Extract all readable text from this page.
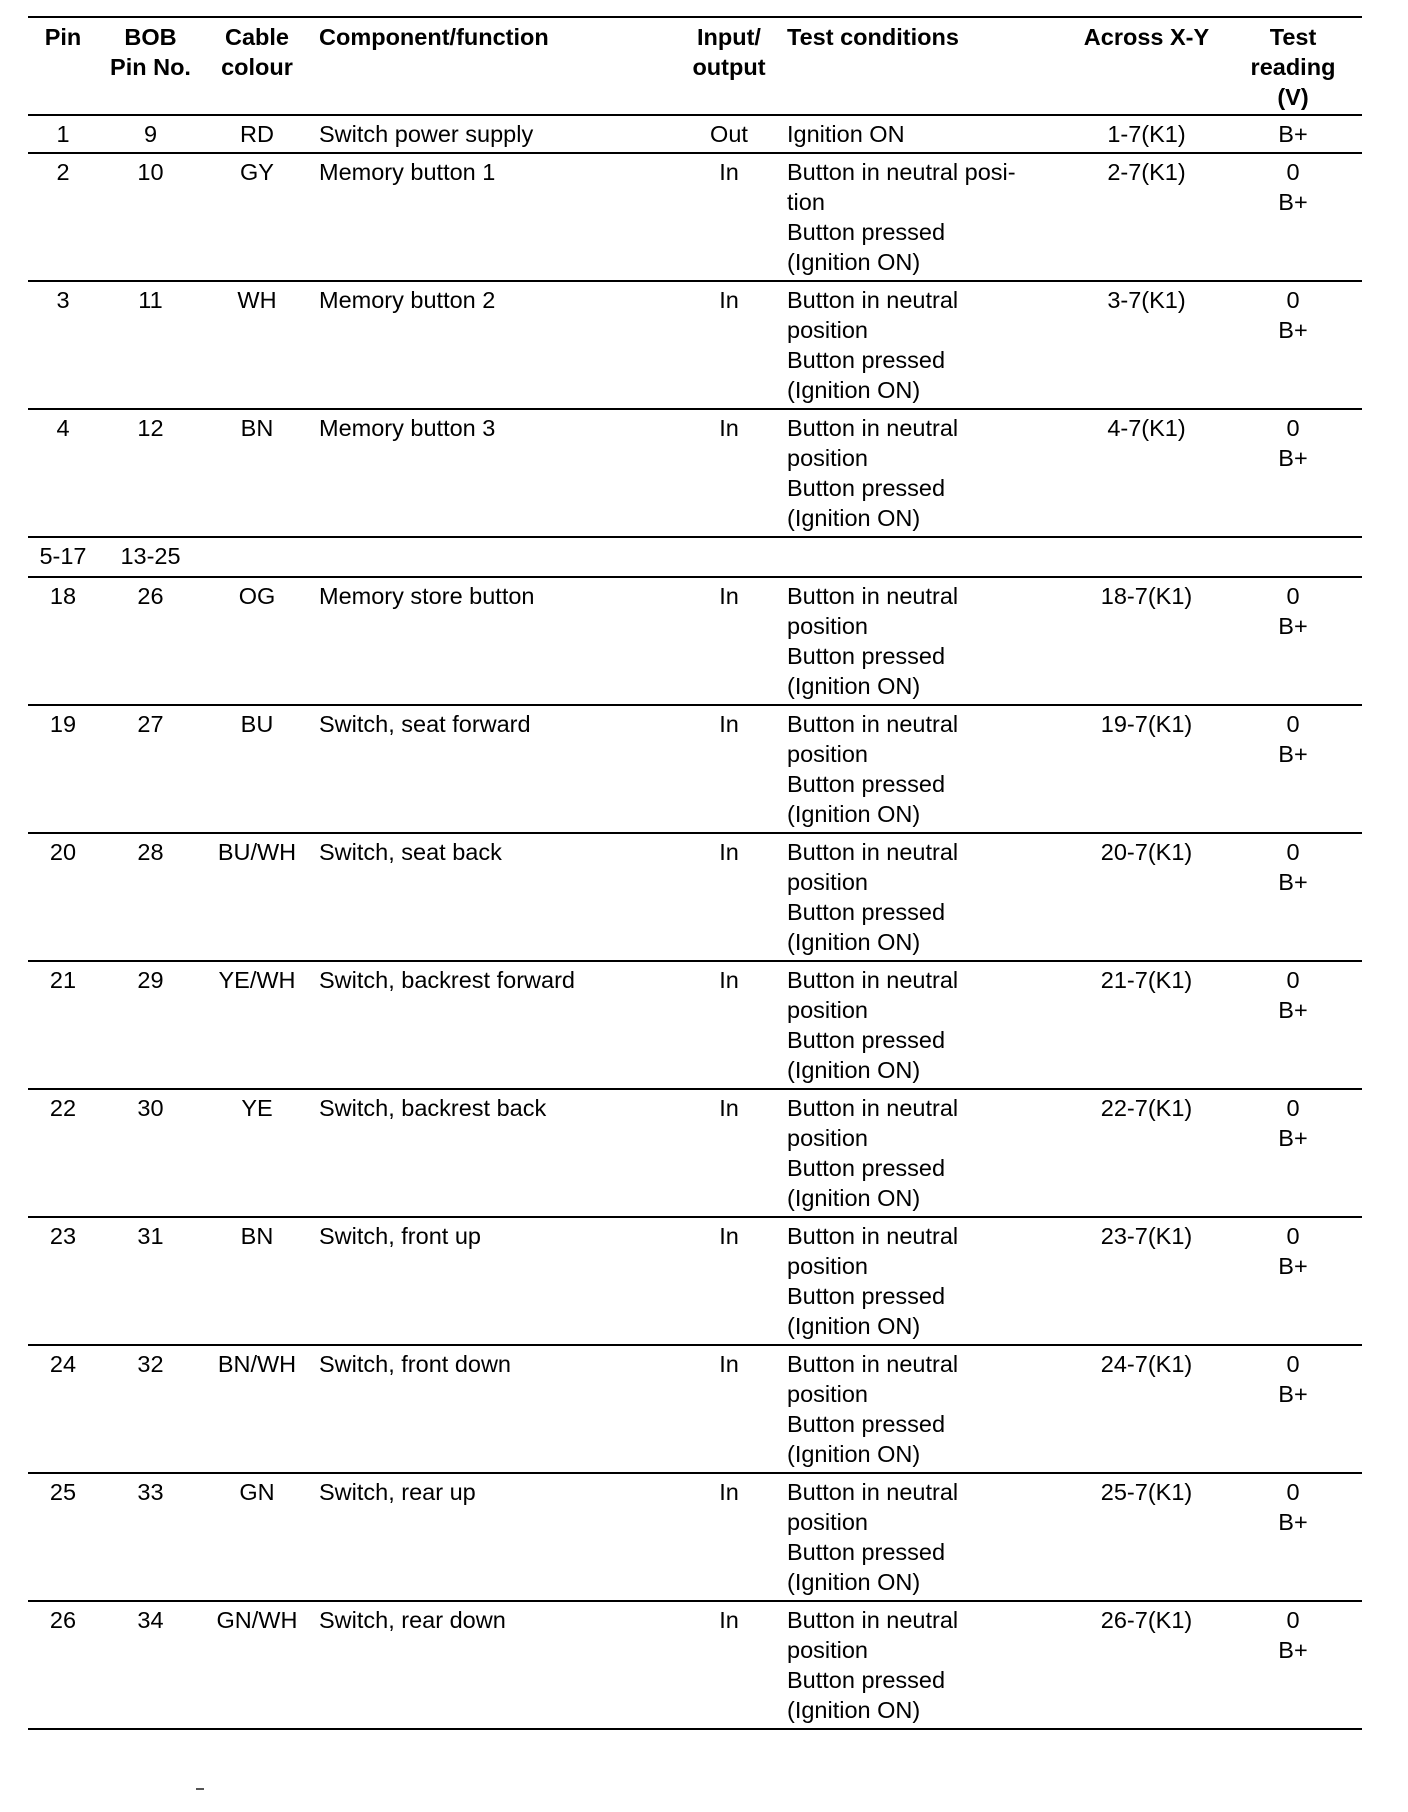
Pin	BOB Pin No.	Cable colour	Component/function	Input/ output	Test conditions	Across X-Y	Test reading (V)
1	9	RD	Switch power supply	Out	Ignition ON	1-7(K1)	B+
2	10	GY	Memory button 1	In	Button in neutral posi-
tion
Button pressed
(Ignition ON)	2-7(K1)	0
B+
3	11	WH	Memory button 2	In	Button in neutral
position
Button pressed
(Ignition ON)	3-7(K1)	0
B+
4	12	BN	Memory button 3	In	Button in neutral
position
Button pressed
(Ignition ON)	4-7(K1)	0
B+
5-17	13-25						
18	26	OG	Memory store button	In	Button in neutral
position
Button pressed
(Ignition ON)	18-7(K1)	0
B+
19	27	BU	Switch, seat forward	In	Button in neutral
position
Button pressed
(Ignition ON)	19-7(K1)	0
B+
20	28	BU/WH	Switch, seat back	In	Button in neutral
position
Button pressed
(Ignition ON)	20-7(K1)	0
B+
21	29	YE/WH	Switch, backrest forward	In	Button in neutral
position
Button pressed
(Ignition ON)	21-7(K1)	0
B+
22	30	YE	Switch, backrest back	In	Button in neutral
position
Button pressed
(Ignition ON)	22-7(K1)	0
B+
23	31	BN	Switch, front up	In	Button in neutral
position
Button pressed
(Ignition ON)	23-7(K1)	0
B+
24	32	BN/WH	Switch, front down	In	Button in neutral
position
Button pressed
(Ignition ON)	24-7(K1)	0
B+
25	33	GN	Switch, rear up	In	Button in neutral
position
Button pressed
(Ignition ON)	25-7(K1)	0
B+
26	34	GN/WH	Switch, rear down	In	Button in neutral
position
Button pressed
(Ignition ON)	26-7(K1)	0
B+
